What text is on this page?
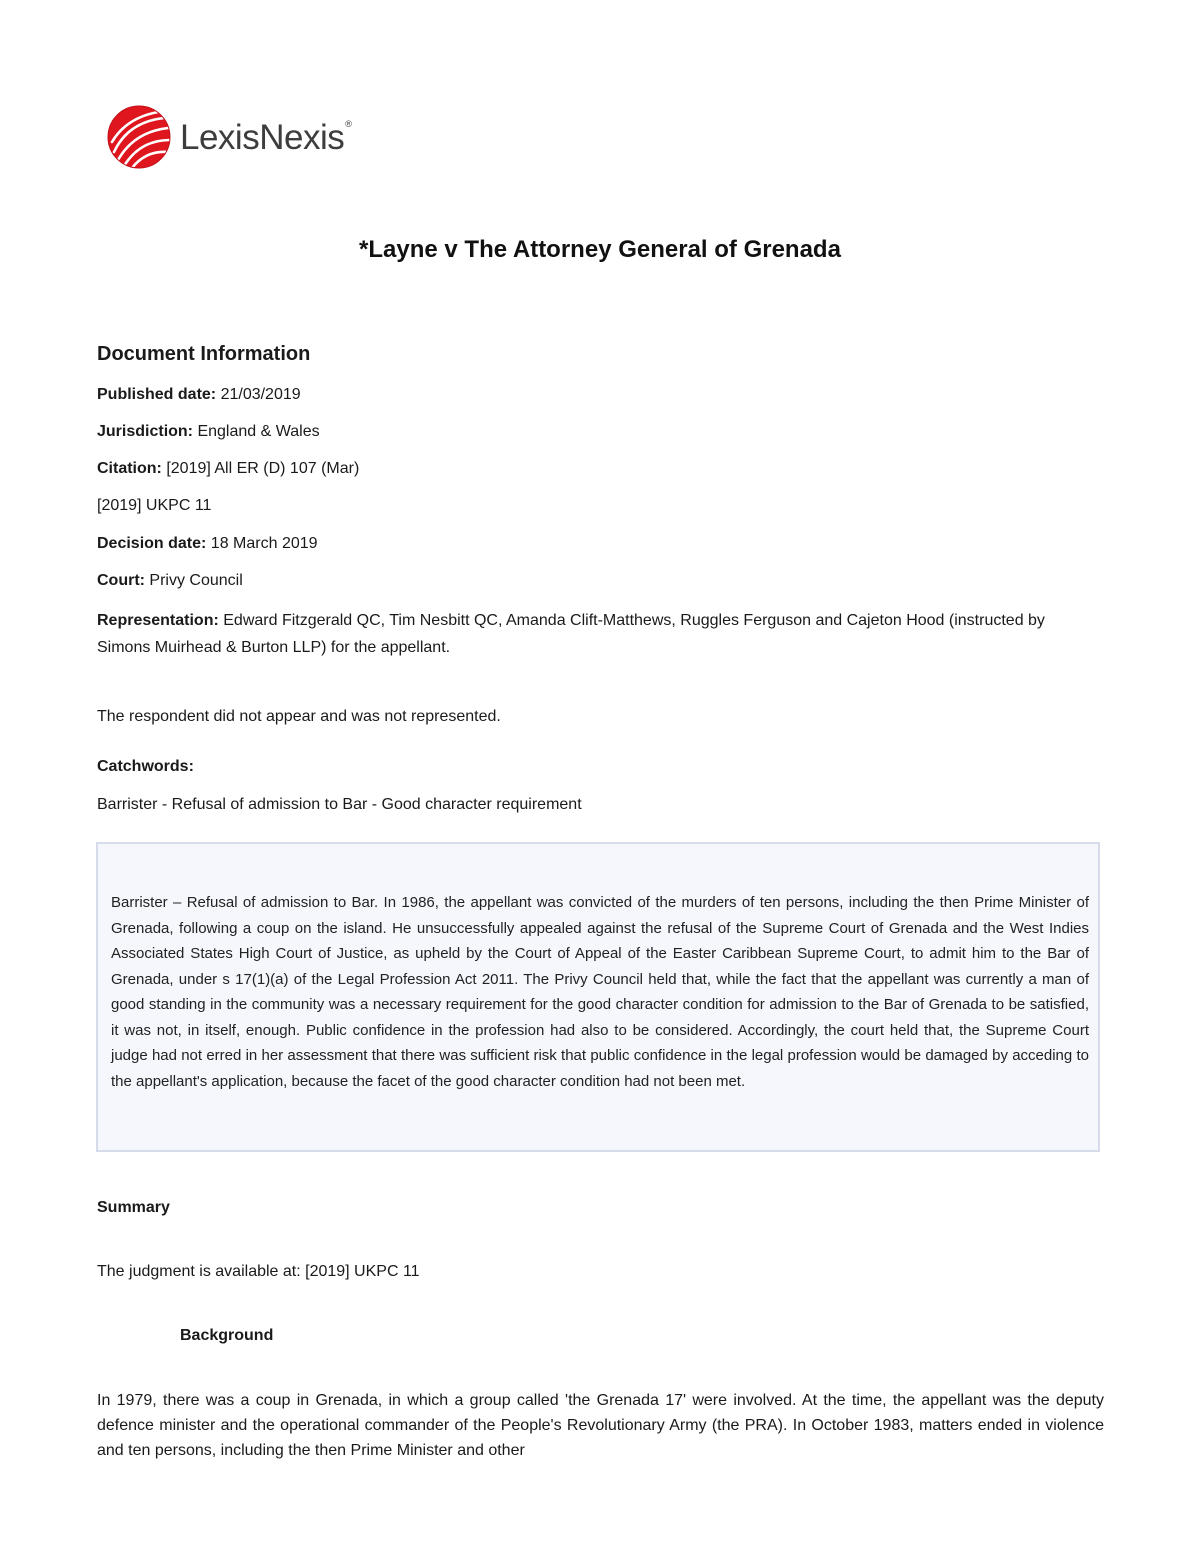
LexisNexis®
*Layne v The Attorney General of Grenada
Document Information

Published date: 21/03/2019

Jurisdiction: England & Wales

Citation: [2019] All ER (D) 107 (Mar)

[2019] UKPC 11

Decision date: 18 March 2019

Court: Privy Council

Representation: Edward Fitzgerald QC, Tim Nesbitt QC, Amanda Clift-Matthews, Ruggles Ferguson and Cajeton Hood (instructed by Simons Muirhead & Burton LLP) for the appellant.

The respondent did not appear and was not represented.

Catchwords:

Barrister - Refusal of admission to Bar - Good character requirement

Barrister – Refusal of admission to Bar. In 1986, the appellant was convicted of the murders of ten persons, including the then Prime Minister of Grenada, following a coup on the island. He unsuccessfully appealed against the refusal of the Supreme Court of Grenada and the West Indies Associated States High Court of Justice, as upheld by the Court of Appeal of the Easter Caribbean Supreme Court, to admit him to the Bar of Grenada, under s 17(1)(a) of the Legal Profession Act 2011. The Privy Council held that, while the fact that the appellant was currently a man of good standing in the community was a necessary requirement for the good character condition for admission to the Bar of Grenada to be satisfied, it was not, in itself, enough. Public confidence in the profession had also to be considered. Accordingly, the court held that, the Supreme Court judge had not erred in her assessment that there was sufficient risk that public confidence in the legal profession would be damaged by acceding to the appellant's application, because the facet of the good character condition had not been met.

Summary

The judgment is available at: [2019] UKPC 11

Background

In 1979, there was a coup in Grenada, in which a group called 'the Grenada 17' were involved. At the time, the appellant was the deputy defence minister and the operational commander of the People's Revolutionary Army (the PRA). In October 1983, matters ended in violence and ten persons, including the then Prime Minister and other
